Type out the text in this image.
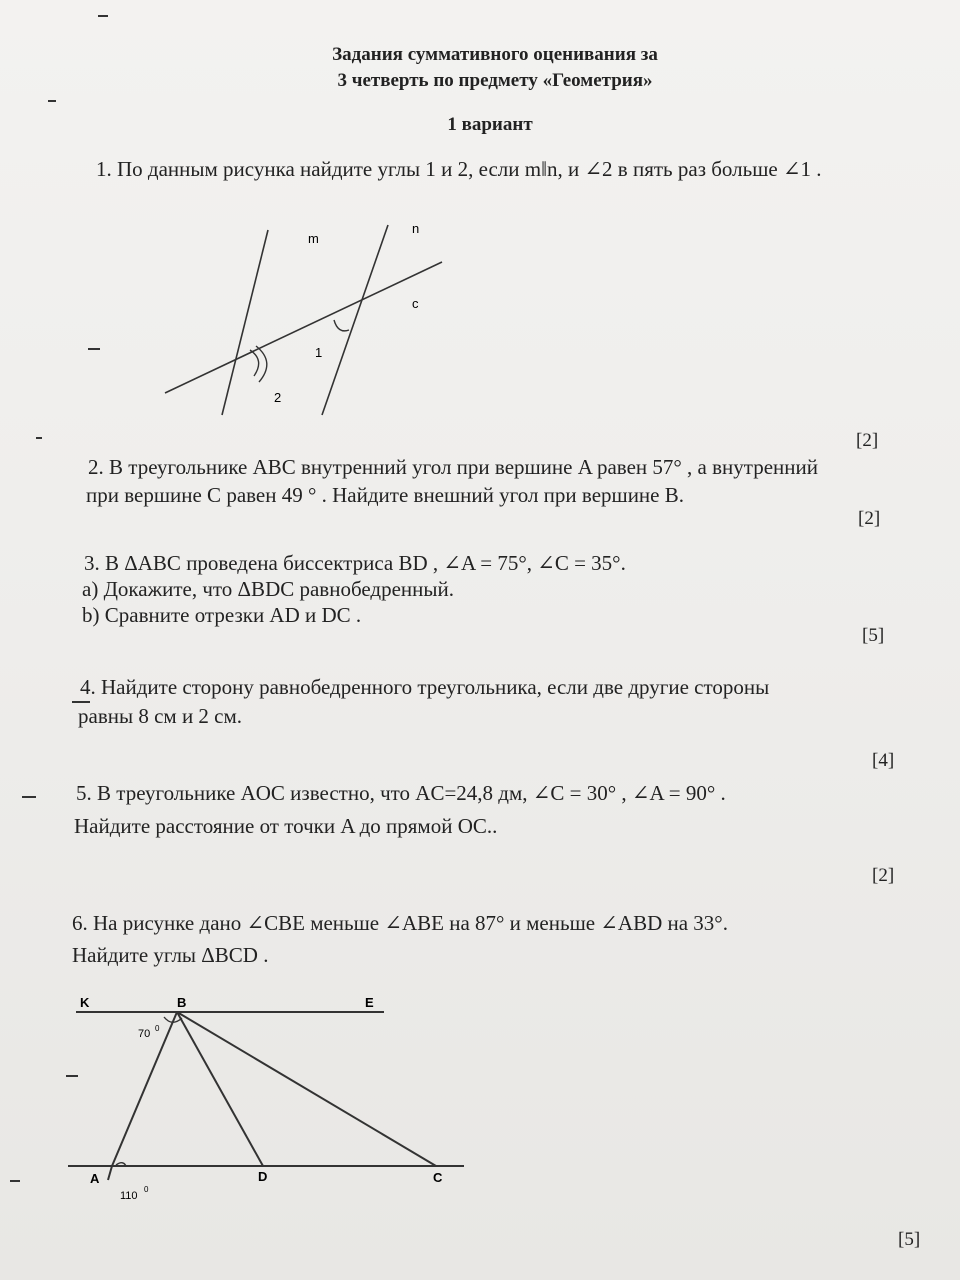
Задания суммативного оценивания за
3 четверть по предмету «Геометрия»
1 вариант
1. По данным рисунка найдите углы 1 и 2, если m‖n, и ∠2 в пять раз больше ∠1 .
m
n
c
1
2
[2]
2. В треугольнике ABC внутренний угол при вершине A равен 57° , а внутренний
при вершине C равен 49 ° . Найдите внешний угол при вершине B.
[2]
3. В ΔABC проведена биссектриса BD , ∠A = 75°, ∠C = 35°.
a) Докажите, что ΔBDC равнобедренный.
b) Сравните отрезки AD и DC .
[5]
4. Найдите сторону равнобедренного треугольника, если две другие стороны
равны 8 см и 2 см.
[4]
5. В треугольнике AOC известно, что AC=24,8 дм, ∠C = 30° , ∠A = 90° .
Найдите расстояние от точки A до прямой OC..
[2]
6. На рисунке дано ∠CBE меньше ∠ABE на 87° и меньше ∠ABD на 33°.
Найдите углы ΔBCD .
K	B	E
70 0
A	D	C
110
0
[5]
